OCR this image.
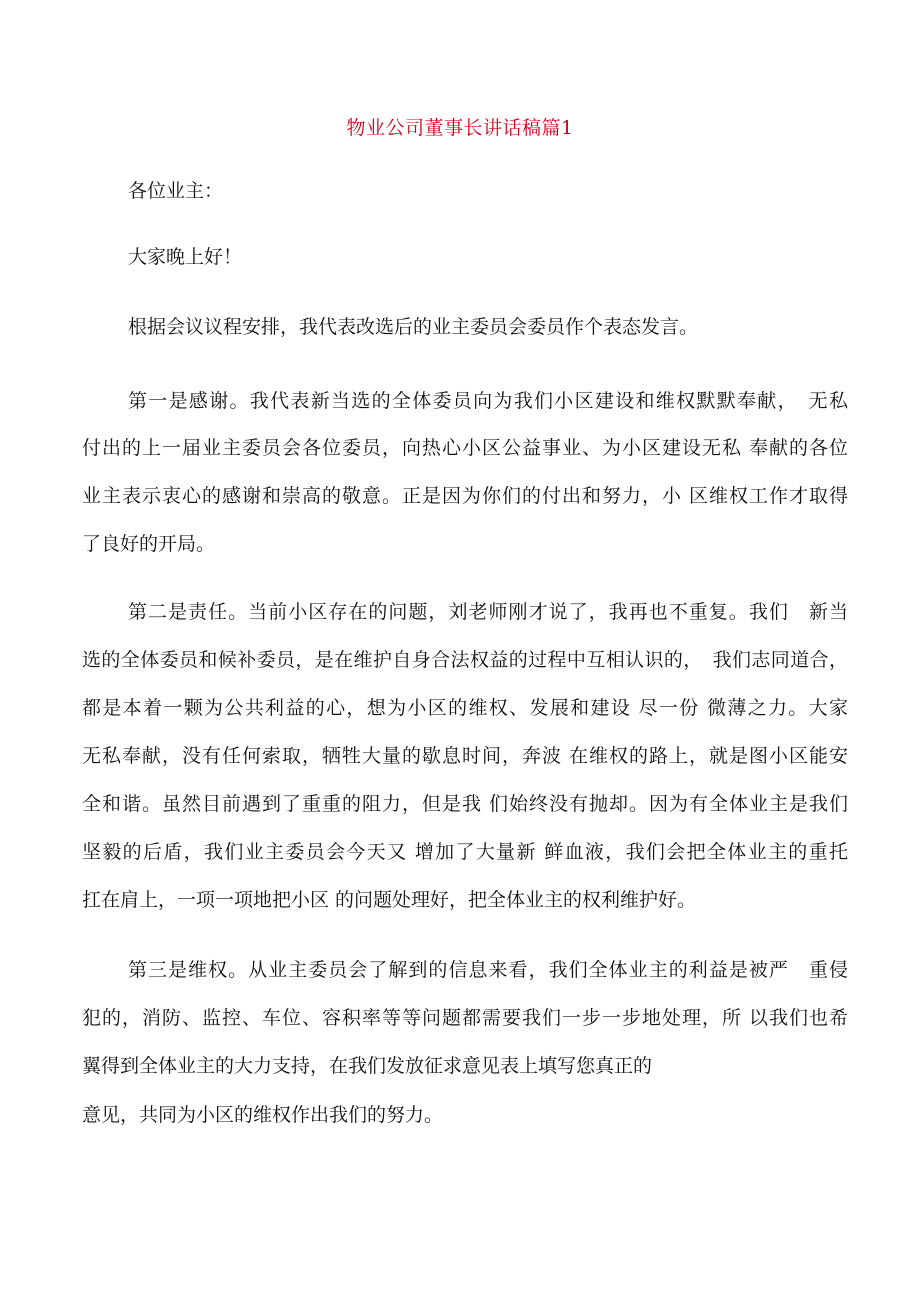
物业公司董事长讲话稿篇1
各位业主：
大家晚上好！
根据会议议程安排，我代表改选后的业主委员会委员作个表态发言。
第一是感谢。我代表新当选的全体委员向为我们小区建设和维权默默奉献，　无私
付出的上一届业主委员会各位委员，向热心小区公益事业、为小区建设无私 奉献的各位
业主表示衷心的感谢和崇高的敬意。正是因为你们的付出和努力，小 区维权工作才取得
了良好的开局。
第二是责任。当前小区存在的问题，刘老师刚才说了，我再也不重复。我们　新当
选的全体委员和候补委员，是在维护自身合法权益的过程中互相认识的，　我们志同道合，
都是本着一颗为公共利益的心，想为小区的维权、发展和建设 尽一份 微薄之力。大家
无私奉献，没有任何索取，牺牲大量的歇息时间，奔波 在维权的路上，就是图小区能安
全和谐。虽然目前遇到了重重的阻力，但是我 们始终没有抛却。因为有全体业主是我们
坚毅的后盾，我们业主委员会今天又 增加了大量新 鲜血液，我们会把全体业主的重托
扛在肩上，一项一项地把小区 的问题处理好，把全体业主的权利维护好。
第三是维权。从业主委员会了解到的信息来看，我们全体业主的利益是被严　重侵
犯的，消防、监控、车位、容积率等等问题都需要我们一步一步地处理，所 以我们也希
翼得到全体业主的大力支持，在我们发放征求意见表上填写您真正的
意见，共同为小区的维权作出我们的努力。
